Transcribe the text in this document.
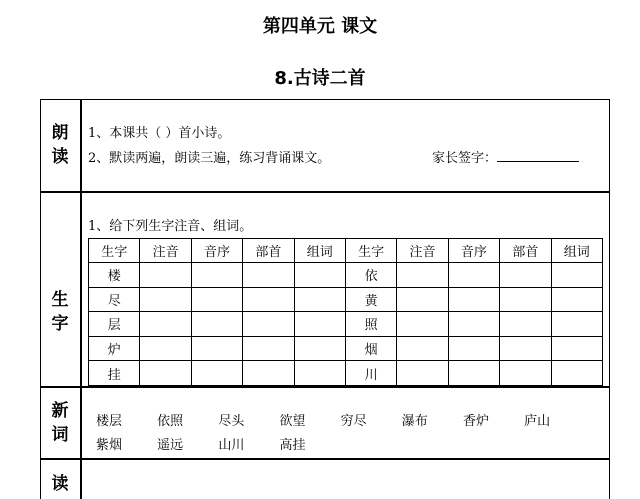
第四单元 课文
8.古诗二首
朗
读
1、本课共（ ）首小诗。
2、默读两遍，朗读三遍，练习背诵课文。	家长签字：
生
字
1、给下列生字注音、组词。
生字	注音	音序	部首	组词	生字	注音	音序	部首	组词
楼					依				
尽					黄				
层					照				
炉					烟				
挂					川				
新
词
楼层	依照	尽头	欲望	穷尽	瀑布	香炉	庐山
紫烟	遥远	山川	高挂
读
